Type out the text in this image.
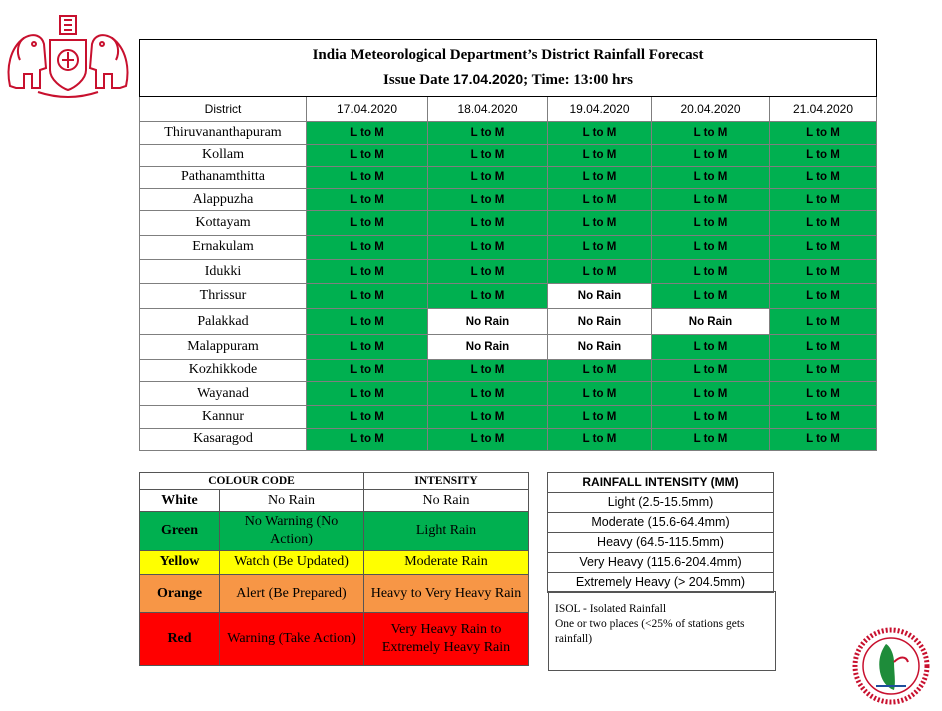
India Meteorological Department’s District Rainfall Forecast
Issue Date 17.04.2020; Time: 13:00 hrs					

District	17.04.2020	18.04.2020	19.04.2020	20.04.2020	21.04.2020
Thiruvananthapuram	L to M	L to M	L to M	L to M	L to M
Kollam	L to M	L to M	L to M	L to M	L to M
Pathanamthitta	L to M	L to M	L to M	L to M	L to M
Alappuzha	L to M	L to M	L to M	L to M	L to M
Kottayam	L to M	L to M	L to M	L to M	L to M
Ernakulam	L to M	L to M	L to M	L to M	L to M
Idukki	L to M	L to M	L to M	L to M	L to M
Thrissur	L to M	L to M	No Rain	L to M	L to M
Palakkad	L to M	No Rain	No Rain	No Rain	L to M
Malappuram	L to M	No Rain	No Rain	L to M	L to M
Kozhikkode	L to M	L to M	L to M	L to M	L to M
Wayanad	L to M	L to M	L to M	L to M	L to M
Kannur	L to M	L to M	L to M	L to M	L to M
Kasaragod	L to M	L to M	L to M	L to M	L to M
COLOUR CODE		INTENSITY
White	No Rain	No Rain
Green	No Warning (No Action)	Light Rain
Yellow	Watch (Be Updated)	Moderate Rain
Orange	Alert (Be Prepared)	Heavy to Very Heavy Rain
Red	Warning (Take Action)	Very Heavy Rain to Extremely Heavy Rain
RAINFALL INTENSITY (MM)
Light (2.5-15.5mm)
Moderate (15.6-64.4mm)
Heavy (64.5-115.5mm)
Very Heavy (115.6-204.4mm)
Extremely Heavy (> 204.5mm)
ISOL - Isolated Rainfall
One or two places (<25% of stations gets rainfall)
